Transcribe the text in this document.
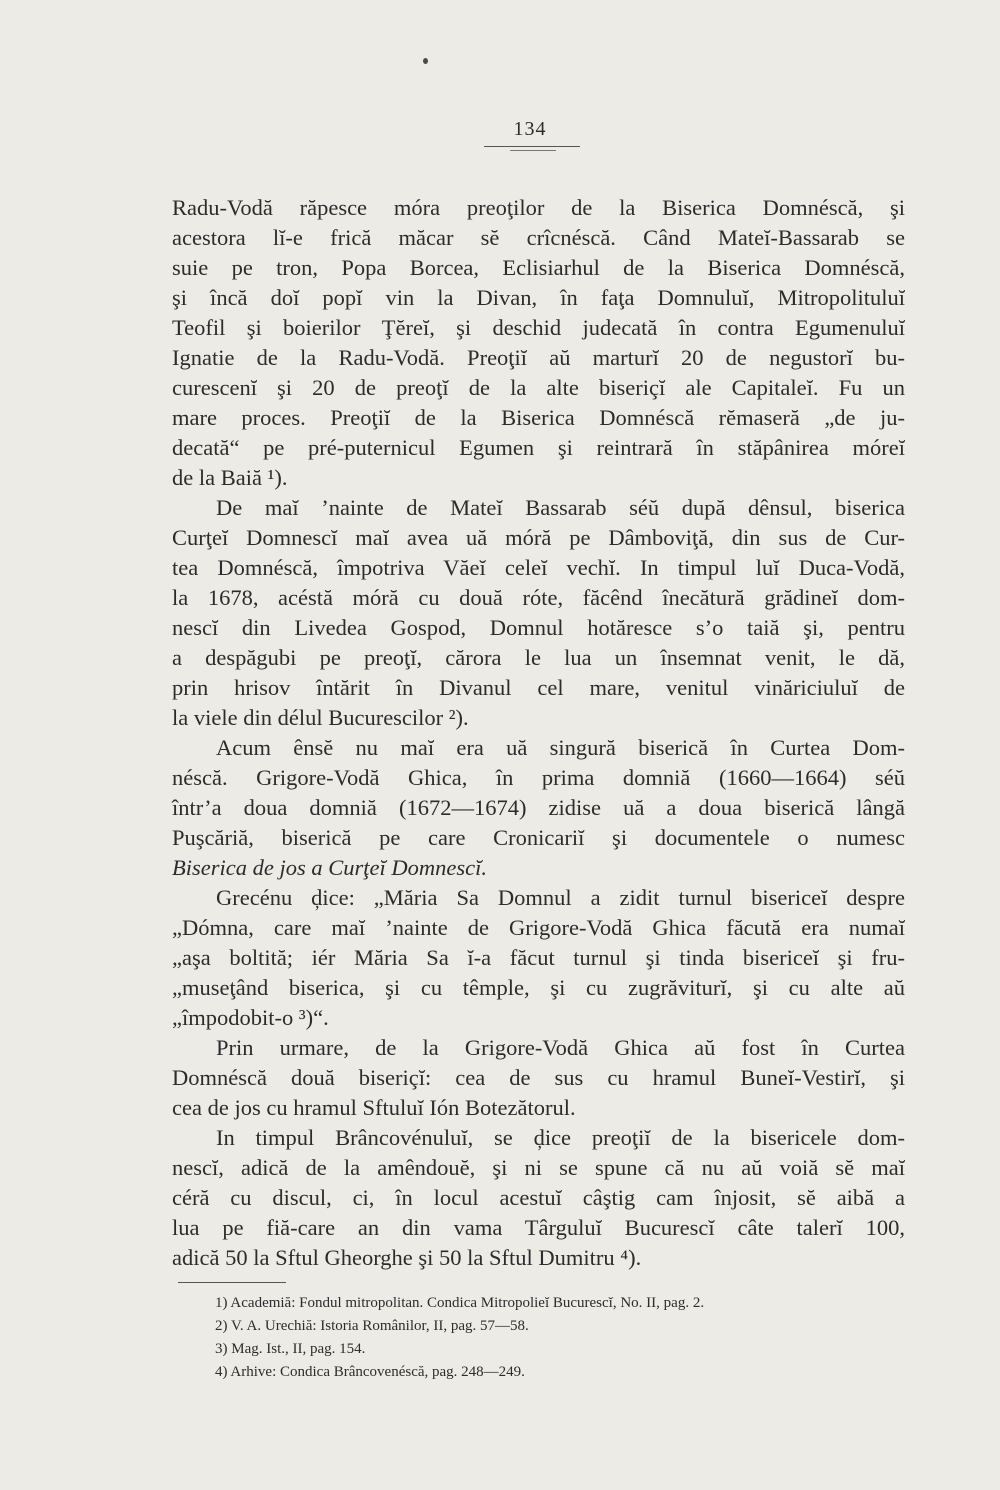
134
Radu-Vodă răpesce móra preoţilor de la Biserica Domnéscă, şi
acestora lĭ-e frică măcar sĕ crîcnéscă. Când Mateĭ-Bassarab se
suie pe tron, Popa Borcea, Eclisiarhul de la Biserica Domnéscă,
şi încă doĭ popĭ vin la Divan, în faţa Domnuluĭ, Mitropolituluĭ
Teofil şi boierilor Ţĕreĭ, şi deschid judecată în contra Egumenuluĭ
Ignatie de la Radu-Vodă. Preoţiĭ aŭ marturĭ 20 de negustorĭ bu-
curescenĭ şi 20 de preoţĭ de la alte biseriçĭ ale Capitaleĭ. Fu un
mare proces. Preoţiĭ de la Biserica Domnéscă rĕmaseră „de ju-
decată“ pe pré-puternicul Egumen şi reintrară în stăpânirea móreĭ
de la Baiă ¹).
De maĭ ’nainte de Mateĭ Bassarab séŭ după dênsul, biserica
Curţeĭ Domnescĭ maĭ avea uă móră pe Dâmboviţă, din sus de Cur-
tea Domnéscă, împotriva Văeĭ celeĭ vechĭ. In timpul luĭ Duca-Vodă,
la 1678, acéstă móră cu două róte, făcênd înecătură grădineĭ dom-
nescĭ din Livedea Gospod, Domnul hotăresce s’o taiă şi, pentru
a despăgubi pe preoţĭ, cărora le lua un însemnat venit, le dă,
prin hrisov întărit în Divanul cel mare, venitul vinăriciuluĭ de
la viele din délul Bucurescilor ²).
Acum ênsĕ nu maĭ era uă singură biserică în Curtea Dom-
néscă. Grigore-Vodă Ghica, în prima domniă (1660—1664) séŭ
într’a doua domniă (1672—1674) zidise uă a doua biserică lângă
Puşcăriă, biserică pe care Cronicariĭ şi documentele o numesc
Biserica de jos a Curţeĭ Domnescĭ.
Grecénu ḑice: „Măria Sa Domnul a zidit turnul bisericeĭ despre
„Dómna, care maĭ ’nainte de Grigore-Vodă Ghica făcută era numaĭ
„aşa boltită; iér Măria Sa ĭ-a făcut turnul şi tinda bisericeĭ şi fru-
„museţând biserica, şi cu têmple, şi cu zugrăviturĭ, şi cu alte aŭ
„împodobit-o ³)“.
Prin urmare, de la Grigore-Vodă Ghica aŭ fost în Curtea
Domnéscă două biseriçĭ: cea de sus cu hramul Buneĭ-Vestirĭ, şi
cea de jos cu hramul Sftuluĭ Ión Botezătorul.
In timpul Brâncovénuluĭ, se ḑice preoţiĭ de la bisericele dom-
nescĭ, adică de la amêndouĕ, şi ni se spune că nu aŭ voiă sĕ maĭ
céră cu discul, ci, în locul acestuĭ câştig cam înjosit, sĕ aibă a
lua pe fiă-care an din vama Târguluĭ Bucurescĭ câte talerĭ 100,
adică 50 la Sftul Gheorghe şi 50 la Sftul Dumitru ⁴).
1) Academiă: Fondul mitropolitan. Condica Mitropolieĭ Bucurescĭ, No. II, pag. 2.
2) V. A. Urechiă: Istoria Românilor, II, pag. 57—58.
3) Mag. Ist., II, pag. 154.
4) Arhive: Condica Brâncovenéscă, pag. 248—249.
